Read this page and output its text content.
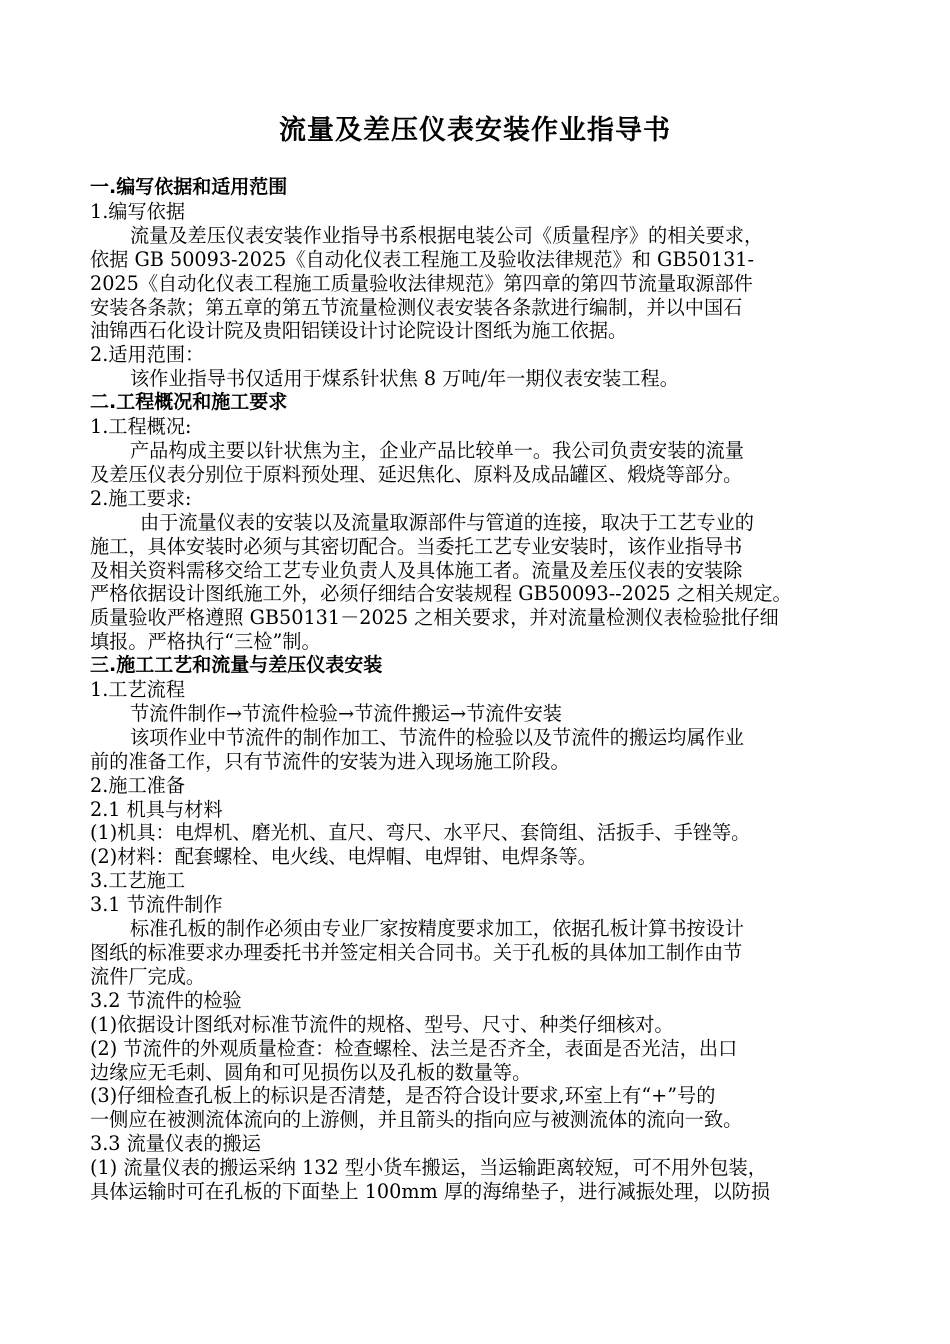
流量及差压仪表安装作业指导书

一.编写依据和适用范围

1.编写依据

流量及差压仪表安装作业指导书系根据电装公司《质量程序》的相关要求，

依据 GB 50093-2025《自动化仪表工程施工及验收法律规范》和 GB50131-

2025《自动化仪表工程施工质量验收法律规范》第四章的第四节流量取源部件

安装各条款；第五章的第五节流量检测仪表安装各条款进行编制，并以中国石

油锦西石化设计院及贵阳铝镁设计讨论院设计图纸为施工依据。

2.适用范围：

该作业指导书仅适用于煤系针状焦 8 万吨/年一期仪表安装工程。

二.工程概况和施工要求

1.工程概况:

产品构成主要以针状焦为主，企业产品比较单一。我公司负责安装的流量

及差压仪表分别位于原料预处理、延迟焦化、原料及成品罐区、煅烧等部分。

2.施工要求:

由于流量仪表的安装以及流量取源部件与管道的连接，取决于工艺专业的

施工，具体安装时必须与其密切配合。当委托工艺专业安装时，该作业指导书

及相关资料需移交给工艺专业负责人及具体施工者。流量及差压仪表的安装除

严格依据设计图纸施工外，必须仔细结合安装规程 GB50093--2025 之相关规定。

质量验收严格遵照 GB50131－2025 之相关要求，并对流量检测仪表检验批仔细

填报。严格执行“三检”制。

三.施工工艺和流量与差压仪表安装

1.工艺流程

节流件制作→节流件检验→节流件搬运→节流件安装

该项作业中节流件的制作加工、节流件的检验以及节流件的搬运均属作业

前的准备工作，只有节流件的安装为进入现场施工阶段。

2.施工准备

2.1 机具与材料

(1)机具：电焊机、磨光机、直尺、弯尺、水平尺、套筒组、活扳手、手锉等。

(2)材料：配套螺栓、电火线、电焊帽、电焊钳、电焊条等。

3.工艺施工

3.1 节流件制作

标准孔板的制作必须由专业厂家按精度要求加工，依据孔板计算书按设计

图纸的标准要求办理委托书并签定相关合同书。关于孔板的具体加工制作由节

流件厂完成。

3.2 节流件的检验

(1)依据设计图纸对标准节流件的规格、型号、尺寸、种类仔细核对。

(2) 节流件的外观质量检查：检查螺栓、法兰是否齐全，表面是否光洁，出口

边缘应无毛刺、圆角和可见损伤以及孔板的数量等。

(3)仔细检查孔板上的标识是否清楚，是否符合设计要求,环室上有“+”号的

一侧应在被测流体流向的上游侧，并且箭头的指向应与被测流体的流向一致。

3.3 流量仪表的搬运

(1) 流量仪表的搬运采纳 132 型小货车搬运，当运输距离较短，可不用外包装，

具体运输时可在孔板的下面垫上 100mm 厚的海绵垫子，进行减振处理，以防损
